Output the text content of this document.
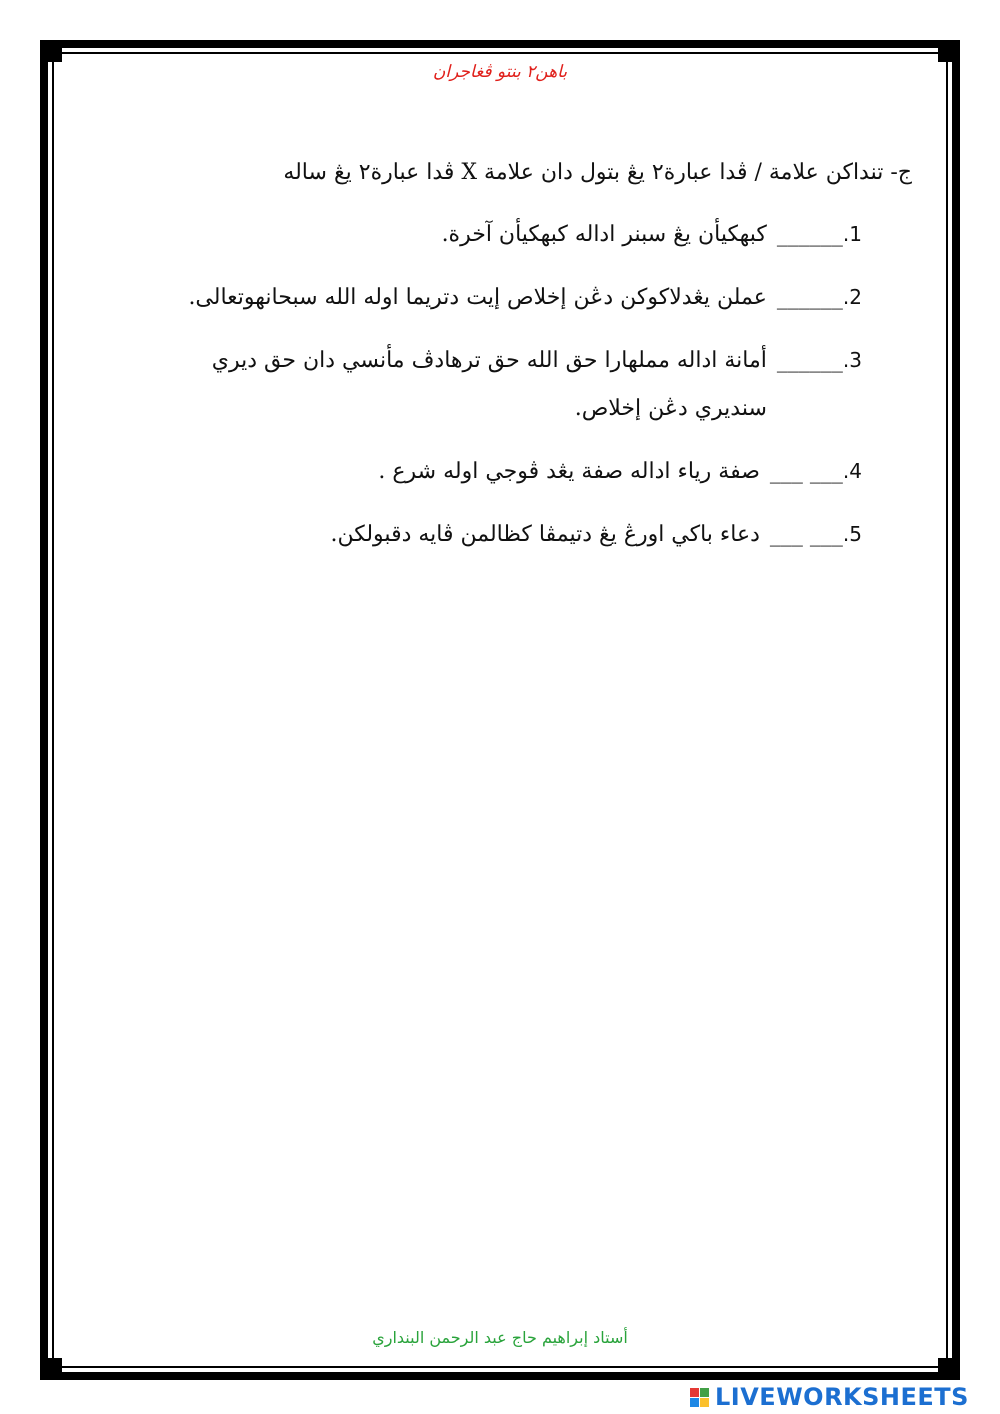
باهن٢ بنتو ڤغاجران
ج- تنداكن علامة / ڤدا عبارة٢ يڠ بتول دان علامة X ڤدا عبارة٢ يڠ ساله
1.
______
كبهكيأن يڠ سبنر اداله كبهكيأن آخرة.
2.
______
عملن يڠدلاكوكن دڠن إخلاص إيت دتريما اوله الله سبحانهوتعالى.
3.
______
أمانة اداله مملهارا حق الله حق ترهادڤ مأنسي دان حق ديري سنديري دڠن إخلاص.
4.
___ ___
صفة رياء اداله صفة يڠد ڤوجي اوله شرع .
5.
___ ___
دعاء باكي اورڠ يڠ دتيمڤا كظالمن ڤايه دقبولكن.
أستاد إبراهيم حاج عبد الرحمن البنداري
LIVEWORKSHEETS
